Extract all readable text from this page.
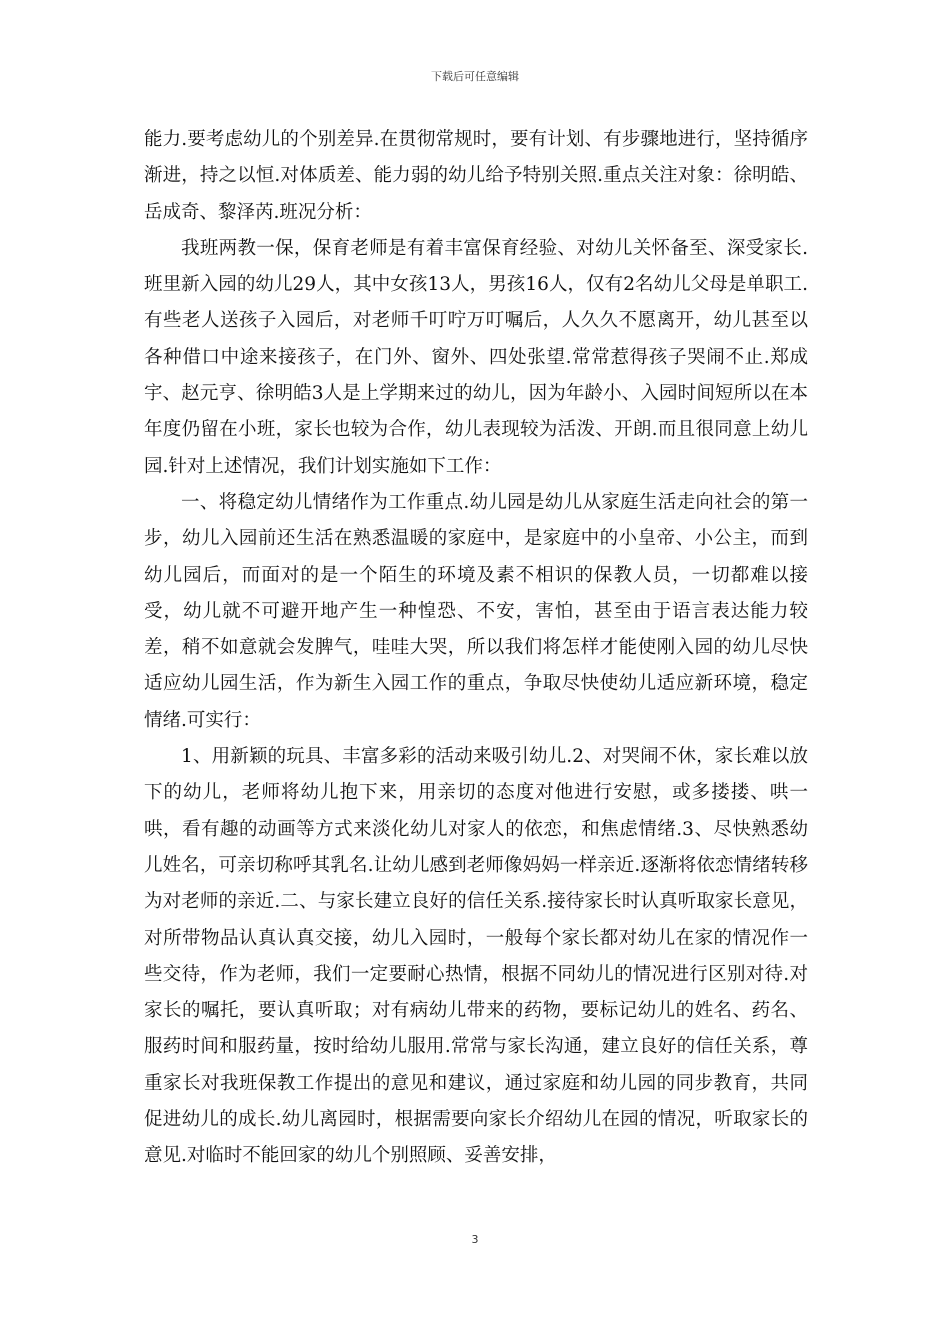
下载后可任意编辑

能力.要考虑幼儿的个别差异.在贯彻常规时，要有计划、有步骤地进行，坚持循序渐进，持之以恒.对体质差、能力弱的幼儿给予特别关照.重点关注对象：徐明皓、岳成奇、黎泽芮.班况分析：

我班两教一保，保育老师是有着丰富保育经验、对幼儿关怀备至、深受家长.班里新入园的幼儿29人，其中女孩13人，男孩16人，仅有2名幼儿父母是单职工.有些老人送孩子入园后，对老师千叮咛万叮嘱后，人久久不愿离开，幼儿甚至以各种借口中途来接孩子，在门外、窗外、四处张望.常常惹得孩子哭闹不止.郑成宇、赵元亨、徐明皓3人是上学期来过的幼儿，因为年龄小、入园时间短所以在本年度仍留在小班，家长也较为合作，幼儿表现较为活泼、开朗.而且很同意上幼儿园.针对上述情况，我们计划实施如下工作：

一、将稳定幼儿情绪作为工作重点.幼儿园是幼儿从家庭生活走向社会的第一步，幼儿入园前还生活在熟悉温暖的家庭中，是家庭中的小皇帝、小公主，而到幼儿园后，而面对的是一个陌生的环境及素不相识的保教人员，一切都难以接受，幼儿就不可避开地产生一种惶恐、不安，害怕，甚至由于语言表达能力较差，稍不如意就会发脾气，哇哇大哭，所以我们将怎样才能使刚入园的幼儿尽快适应幼儿园生活，作为新生入园工作的重点，争取尽快使幼儿适应新环境，稳定情绪.可实行：

1、用新颖的玩具、丰富多彩的活动来吸引幼儿.2、对哭闹不休，家长难以放下的幼儿，老师将幼儿抱下来，用亲切的态度对他进行安慰，或多搂搂、哄一哄，看有趣的动画等方式来淡化幼儿对家人的依恋，和焦虑情绪.3、尽快熟悉幼儿姓名，可亲切称呼其乳名.让幼儿感到老师像妈妈一样亲近.逐渐将依恋情绪转移为对老师的亲近.二、与家长建立良好的信任关系.接待家长时认真听取家长意见，对所带物品认真认真交接，幼儿入园时，一般每个家长都对幼儿在家的情况作一些交待，作为老师，我们一定要耐心热情，根据不同幼儿的情况进行区别对待.对家长的嘱托，要认真听取；对有病幼儿带来的药物，要标记幼儿的姓名、药名、服药时间和服药量，按时给幼儿服用.常常与家长沟通，建立良好的信任关系，尊重家长对我班保教工作提出的意见和建议，通过家庭和幼儿园的同步教育，共同促进幼儿的成长.幼儿离园时，根据需要向家长介绍幼儿在园的情况，听取家长的意见.对临时不能回家的幼儿个别照顾、妥善安排，

3
